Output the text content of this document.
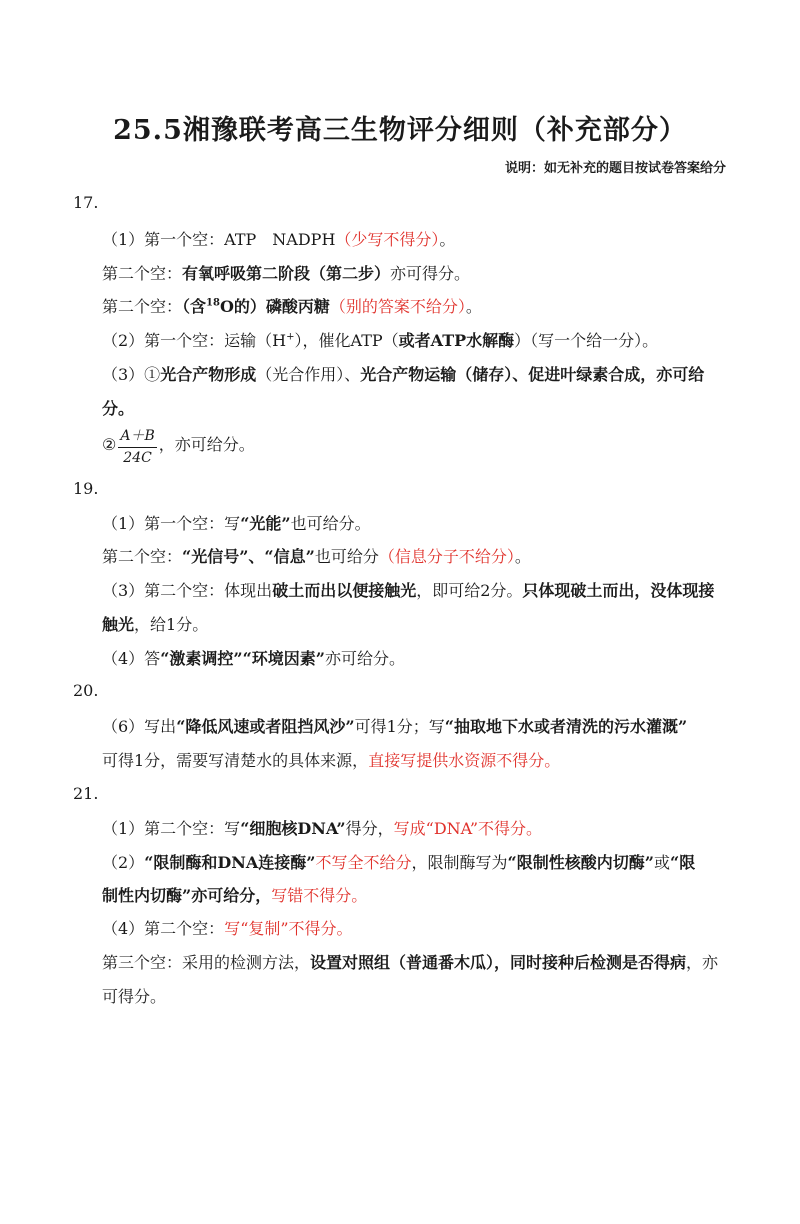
25.5湘豫联考高三生物评分细则（补充部分）
说明：如无补充的题目按试卷答案给分
17.
（1）第一个空：ATP　NADPH（少写不得分）。
第二个空：有氧呼吸第二阶段（第二步）亦可得分。
第二个空：（含$^{18}$O的）磷酸丙糖（别的答案不给分）。
（2）第一个空：运输（H+），催化ATP（或者ATP水解酶）（写一个给一分）。
（3）①光合产物形成（光合作用）、光合产物运输（储存）、促进叶绿素合成，亦可给
分。
② $\frac{A+B}{24C}$ ，亦可给分。
19.
（1）第一个空：写“光能”也可给分。
第二个空：“光信号”、“信息”也可给分（信息分子不给分）。
（3）第二个空：体现出破土而出以便接触光，即可给2分。只体现破土而出，没体现接
触光，给1分。
（4）答“激素调控”“环境因素”亦可给分。
20.
（6）写出“降低风速或者阻挡风沙”可得1分；写“抽取地下水或者清洗的污水灌溉”
可得1分，需要写清楚水的具体来源，直接写提供水资源不得分。
21.
（1）第二个空：写“细胞核DNA”得分，写成“DNA”不得分。
（2）“限制酶和DNA连接酶”不写全不给分，限制酶写为“限制性核酸内切酶”或“限
制性内切酶”亦可给分，写错不得分。
（4）第二个空：写“复制”不得分。
第三个空：采用的检测方法，设置对照组（普通番木瓜），同时接种后检测是否得病，亦
可得分。
